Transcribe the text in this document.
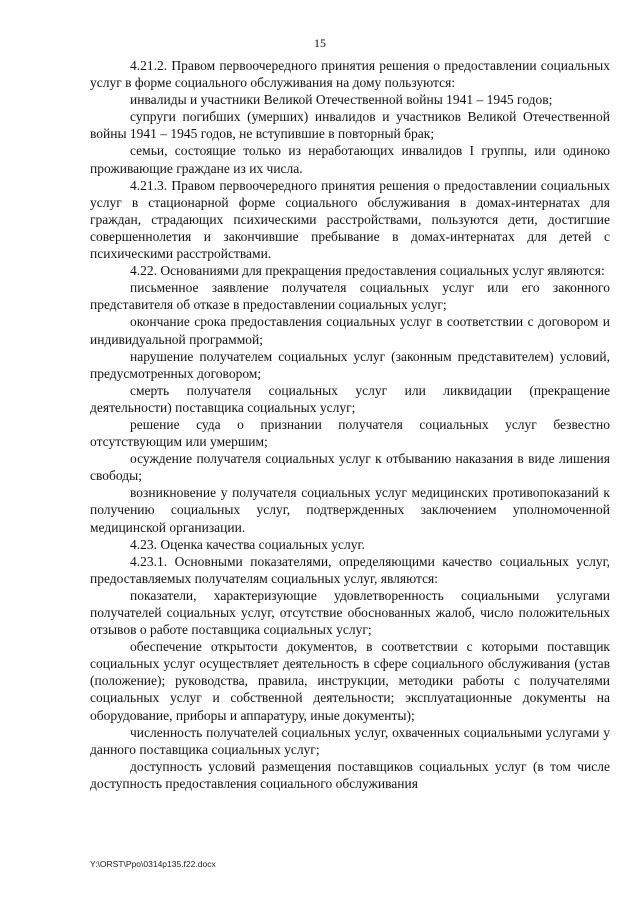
15

4.21.2. Правом первоочередного принятия решения о предоставлении социальных услуг в форме социального обслуживания на дому пользуются:

инвалиды и участники Великой Отечественной войны 1941 – 1945 годов;

супруги погибших (умерших) инвалидов и участников Великой Отечественной войны 1941 – 1945 годов, не вступившие в повторный брак;

семьи, состоящие только из неработающих инвалидов I группы, или одиноко проживающие граждане из их числа.

4.21.3. Правом первоочередного принятия решения о предоставлении социальных услуг в стационарной форме социального обслуживания в домах-интернатах для граждан, страдающих психическими расстройствами, пользуются дети, достигшие совершеннолетия и закончившие пребывание в домах-интернатах для детей с психическими расстройствами.

4.22. Основаниями для прекращения предоставления социальных услуг являются:

письменное заявление получателя социальных услуг или его законного представителя об отказе в предоставлении социальных услуг;

окончание срока предоставления социальных услуг в соответствии с договором и индивидуальной программой;

нарушение получателем социальных услуг (законным представителем) условий, предусмотренных договором;

смерть получателя социальных услуг или ликвидации (прекращение деятельности) поставщика социальных услуг;

решение суда о признании получателя социальных услуг безвестно отсутствующим или умершим;

осуждение получателя социальных услуг к отбыванию наказания в виде лишения свободы;

возникновение у получателя социальных услуг медицинских противопоказаний к получению социальных услуг, подтвержденных заключением уполномоченной медицинской организации.

4.23. Оценка качества социальных услуг.

4.23.1. Основными показателями, определяющими качество социальных услуг, предоставляемых получателям социальных услуг, являются:

показатели, характеризующие удовлетворенность социальными услугами получателей социальных услуг, отсутствие обоснованных жалоб, число положительных отзывов о работе поставщика социальных услуг;

обеспечение открытости документов, в соответствии с которыми поставщик социальных услуг осуществляет деятельность в сфере социального обслуживания (устав (положение); руководства, правила, инструкции, методики работы с получателями социальных услуг и собственной деятельности; эксплуатационные документы на оборудование, приборы и аппаратуру, иные документы);

численность получателей социальных услуг, охваченных социальными услугами у данного поставщика социальных услуг;

доступность условий размещения поставщиков социальных услуг (в том числе доступность предоставления социального обслуживания

Y:\ORST\Ppo\0314p135.f22.docx
